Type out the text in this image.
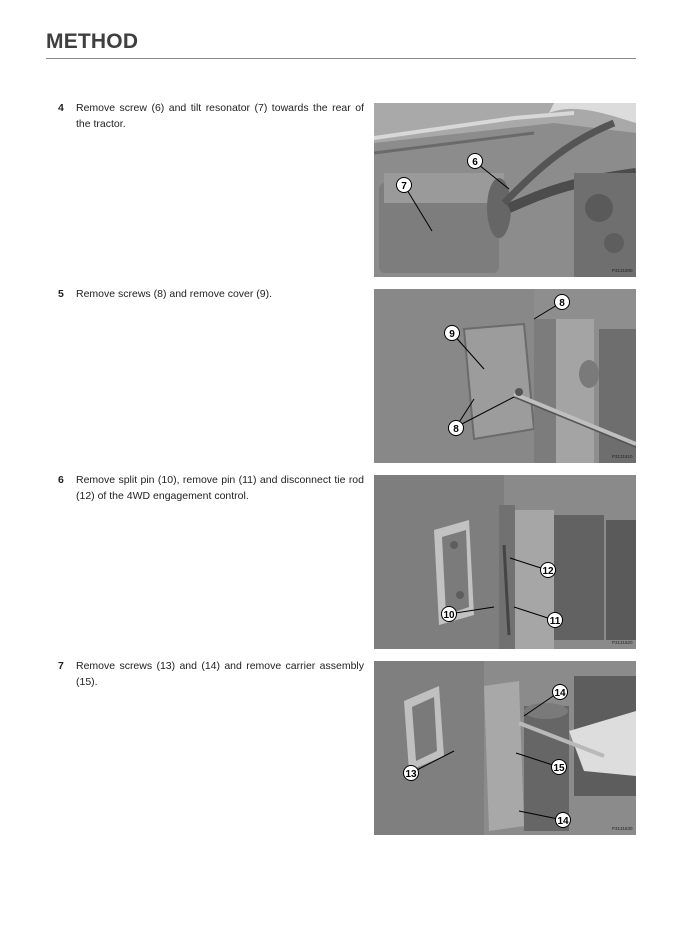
METHOD
4 Remove screw (6) and tilt resonator (7) towards the rear of the tractor.
6
7
P3131800
5 Remove screws (8) and remove cover (9).
8
9
8
P3131810
6 Remove split pin (10), remove pin (11) and disconnect tie rod (12) of the 4WD engagement control.
12
10
11
P3131820
7 Remove screws (13) and (14) and remove carrier assembly (15).
14
13
15
14
P3131830
